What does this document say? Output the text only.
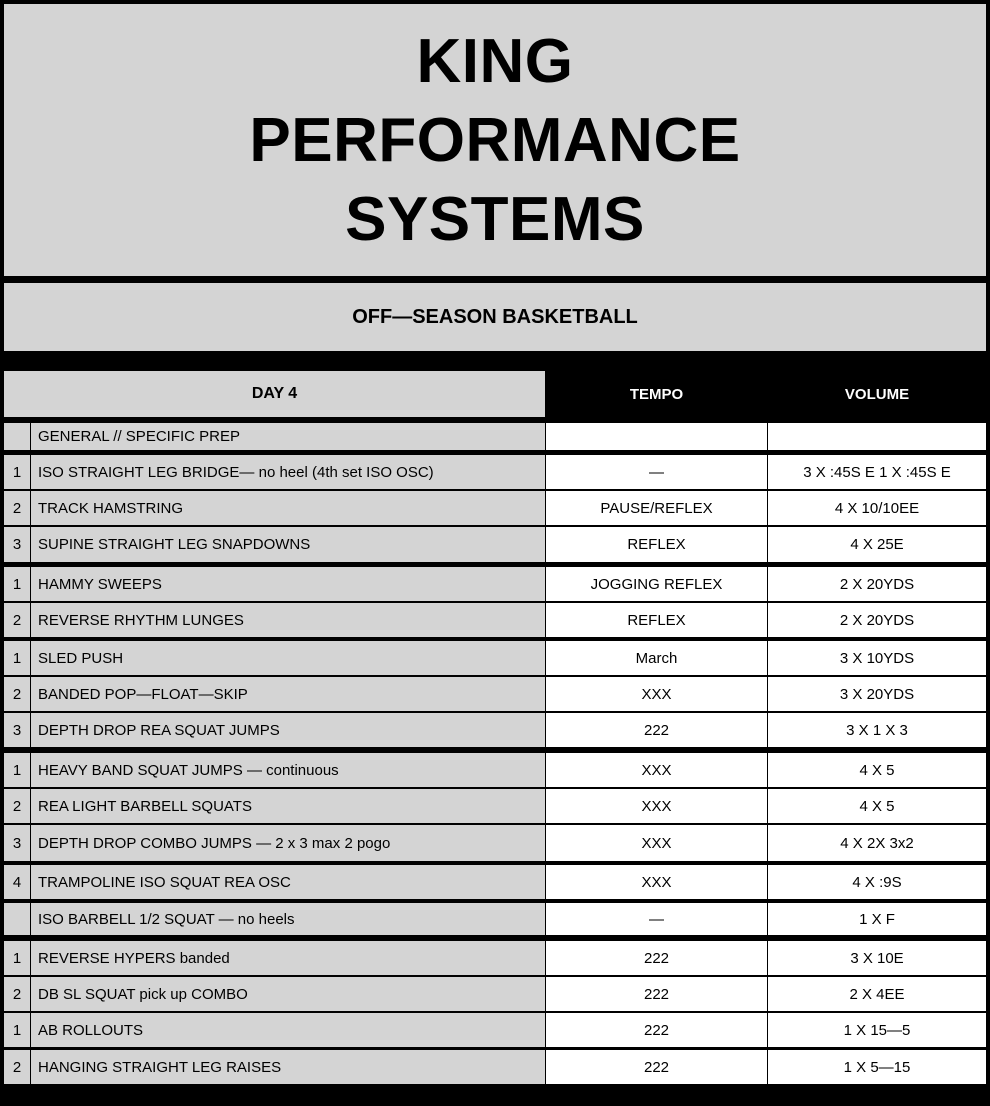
KING
PERFORMANCE
SYSTEMS
OFF—SEASON BASKETBALL
DAY 4	TEMPO	VOLUME
GENERAL // SPECIFIC PREP
1	ISO STRAIGHT LEG BRIDGE— no heel (4th set ISO OSC)	—	3 X :45S E 1 X :45S E
2	TRACK HAMSTRING	PAUSE/REFLEX	4 X 10/10EE
3	SUPINE STRAIGHT LEG SNAPDOWNS	REFLEX	4 X 25E
1	HAMMY SWEEPS	JOGGING REFLEX	2 X 20YDS
2	REVERSE RHYTHM LUNGES	REFLEX	2 X 20YDS
1	SLED PUSH	March	3 X 10YDS
2	BANDED POP—FLOAT—SKIP	XXX	3 X 20YDS
3	DEPTH DROP REA SQUAT JUMPS	222	3 X 1 X 3
1	HEAVY BAND SQUAT JUMPS — continuous	XXX	4 X 5
2	REA LIGHT BARBELL SQUATS	XXX	4 X 5
3	DEPTH DROP COMBO JUMPS — 2 x 3 max 2 pogo	XXX	4 X 2X 3x2
4	TRAMPOLINE ISO SQUAT REA OSC	XXX	4 X :9S
ISO BARBELL 1/2 SQUAT — no heels	—	1 X F
1	REVERSE HYPERS banded	222	3 X 10E
2	DB SL SQUAT pick up COMBO	222	2 X 4EE
1	AB ROLLOUTS	222	1 X 15—5
2	HANGING STRAIGHT LEG RAISES	222	1 X 5—15
